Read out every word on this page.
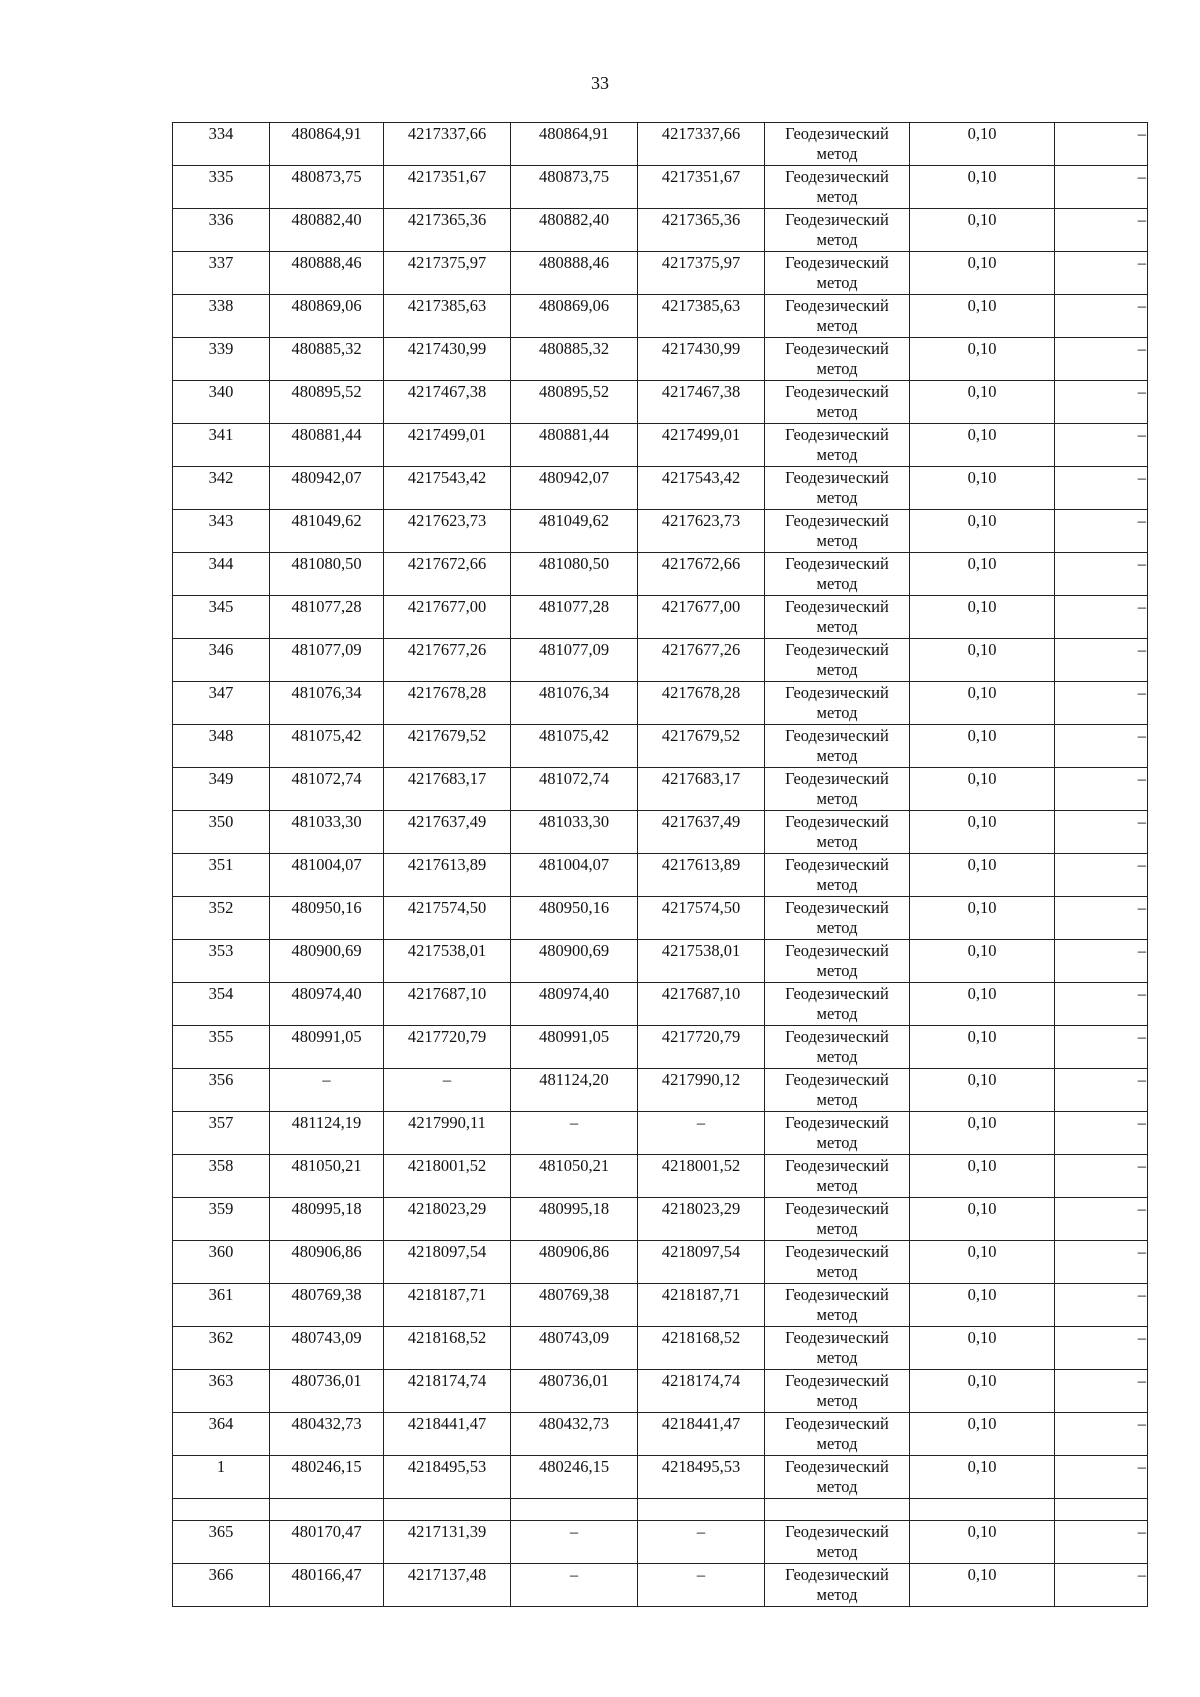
33
334	480864,91	4217337,66	480864,91	4217337,66	Геодезический метод	0,10	–

335	480873,75	4217351,67	480873,75	4217351,67	Геодезический метод	0,10	–

336	480882,40	4217365,36	480882,40	4217365,36	Геодезический метод	0,10	–

337	480888,46	4217375,97	480888,46	4217375,97	Геодезический метод	0,10	–

338	480869,06	4217385,63	480869,06	4217385,63	Геодезический метод	0,10	–

339	480885,32	4217430,99	480885,32	4217430,99	Геодезический метод	0,10	–

340	480895,52	4217467,38	480895,52	4217467,38	Геодезический метод	0,10	–

341	480881,44	4217499,01	480881,44	4217499,01	Геодезический метод	0,10	–

342	480942,07	4217543,42	480942,07	4217543,42	Геодезический метод	0,10	–

343	481049,62	4217623,73	481049,62	4217623,73	Геодезический метод	0,10	–

344	481080,50	4217672,66	481080,50	4217672,66	Геодезический метод	0,10	–

345	481077,28	4217677,00	481077,28	4217677,00	Геодезический метод	0,10	–

346	481077,09	4217677,26	481077,09	4217677,26	Геодезический метод	0,10	–

347	481076,34	4217678,28	481076,34	4217678,28	Геодезический метод	0,10	–

348	481075,42	4217679,52	481075,42	4217679,52	Геодезический метод	0,10	–

349	481072,74	4217683,17	481072,74	4217683,17	Геодезический метод	0,10	–

350	481033,30	4217637,49	481033,30	4217637,49	Геодезический метод	0,10	–

351	481004,07	4217613,89	481004,07	4217613,89	Геодезический метод	0,10	–

352	480950,16	4217574,50	480950,16	4217574,50	Геодезический метод	0,10	–

353	480900,69	4217538,01	480900,69	4217538,01	Геодезический метод	0,10	–

354	480974,40	4217687,10	480974,40	4217687,10	Геодезический метод	0,10	–

355	480991,05	4217720,79	480991,05	4217720,79	Геодезический метод	0,10	–

356	–	–	481124,20	4217990,12	Геодезический метод	0,10	–

357	481124,19	4217990,11	–	–	Геодезический метод	0,10	–

358	481050,21	4218001,52	481050,21	4218001,52	Геодезический метод	0,10	–

359	480995,18	4218023,29	480995,18	4218023,29	Геодезический метод	0,10	–

360	480906,86	4218097,54	480906,86	4218097,54	Геодезический метод	0,10	–

361	480769,38	4218187,71	480769,38	4218187,71	Геодезический метод	0,10	–

362	480743,09	4218168,52	480743,09	4218168,52	Геодезический метод	0,10	–

363	480736,01	4218174,74	480736,01	4218174,74	Геодезический метод	0,10	–

364	480432,73	4218441,47	480432,73	4218441,47	Геодезический метод	0,10	–

1	480246,15	4218495,53	480246,15	4218495,53	Геодезический метод	0,10	–

365	480170,47	4217131,39	–	–	Геодезический метод	0,10	–

366	480166,47	4217137,48	–	–	Геодезический метод	0,10	–
